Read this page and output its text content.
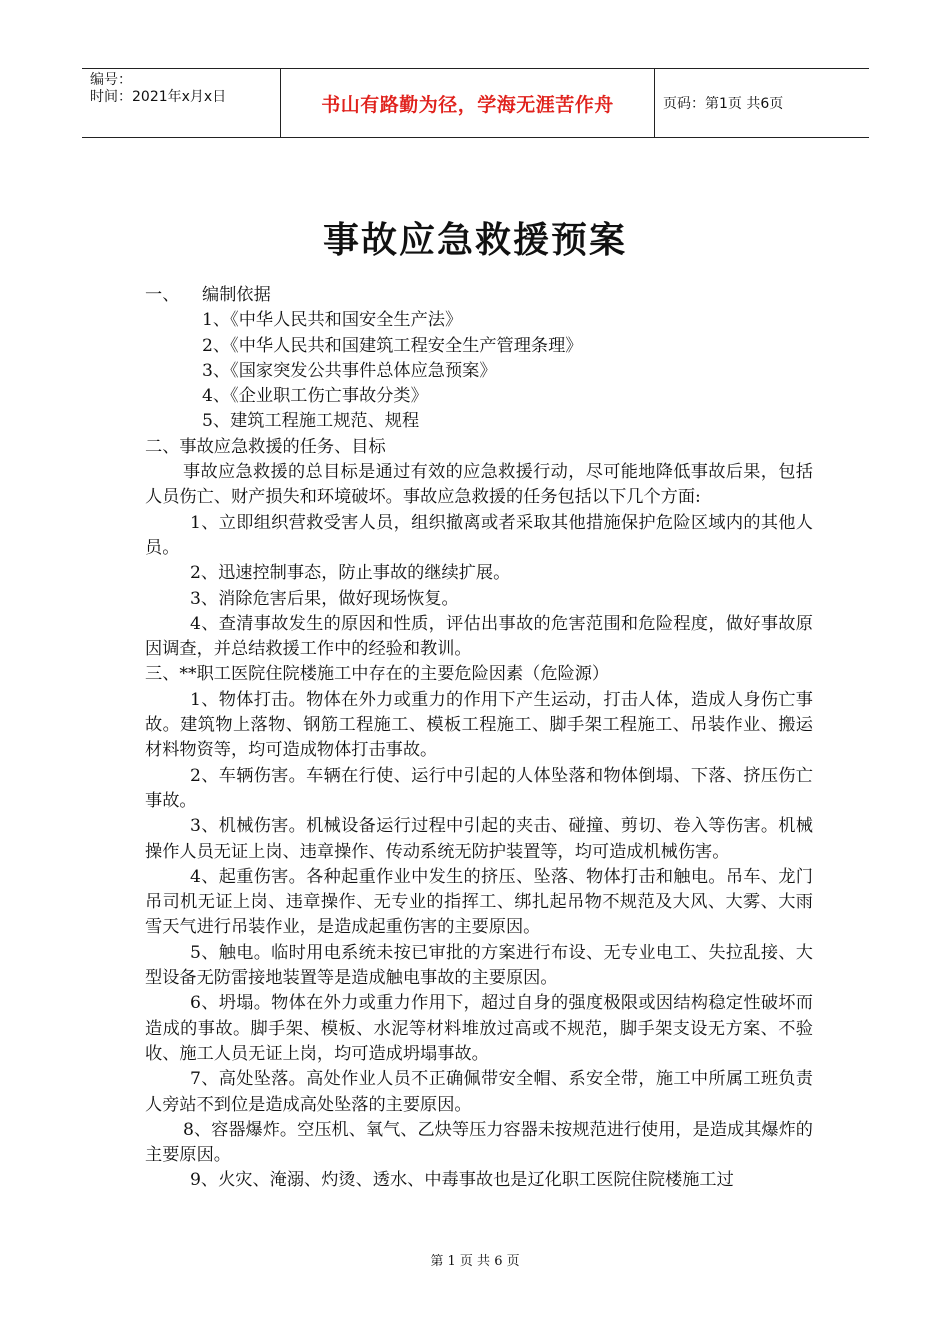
编号：
时间：2021年x月x日	书山有路勤为径，学海无涯苦作舟	页码：第1页 共6页
事故应急救援预案
一、	编制依据

1、《中华人民共和国安全生产法》

2、《中华人民共和国建筑工程安全生产管理条理》

3、《国家突发公共事件总体应急预案》

4、《企业职工伤亡事故分类》

5、建筑工程施工规范、规程

二、事故应急救援的任务、目标

事故应急救援的总目标是通过有效的应急救援行动，尽可能地降低事故后果，包括人员伤亡、财产损失和环境破坏。事故应急救援的任务包括以下几个方面:

1、立即组织营救受害人员，组织撤离或者采取其他措施保护危险区域内的其他人员。

2、迅速控制事态，防止事故的继续扩展。

3、消除危害后果，做好现场恢复。

4、查清事故发生的原因和性质，评估出事故的危害范围和危险程度，做好事故原因调查，并总结救援工作中的经验和教训。

三、**职工医院住院楼施工中存在的主要危险因素（危险源）

1、物体打击。物体在外力或重力的作用下产生运动，打击人体，造成人身伤亡事故。建筑物上落物、钢筋工程施工、模板工程施工、脚手架工程施工、吊装作业、搬运材料物资等，均可造成物体打击事故。

2、车辆伤害。车辆在行使、运行中引起的人体坠落和物体倒塌、下落、挤压伤亡事故。

3、机械伤害。机械设备运行过程中引起的夹击、碰撞、剪切、卷入等伤害。机械操作人员无证上岗、违章操作、传动系统无防护装置等，均可造成机械伤害。

4、起重伤害。各种起重作业中发生的挤压、坠落、物体打击和触电。吊车、龙门吊司机无证上岗、违章操作、无专业的指挥工、绑扎起吊物不规范及大风、大雾、大雨雪天气进行吊装作业，是造成起重伤害的主要原因。

5、触电。临时用电系统未按已审批的方案进行布设、无专业电工、失拉乱接、大型设备无防雷接地装置等是造成触电事故的主要原因。

6、坍塌。物体在外力或重力作用下，超过自身的强度极限或因结构稳定性破坏而造成的事故。脚手架、模板、水泥等材料堆放过高或不规范，脚手架支设无方案、不验收、施工人员无证上岗，均可造成坍塌事故。

7、高处坠落。高处作业人员不正确佩带安全帽、系安全带，施工中所属工班负责人旁站不到位是造成高处坠落的主要原因。

8、容器爆炸。空压机、氧气、乙炔等压力容器未按规范进行使用，是造成其爆炸的主要原因。

9、火灾、淹溺、灼烫、透水、中毒事故也是辽化职工医院住院楼施工过

第 1 页 共 6 页
